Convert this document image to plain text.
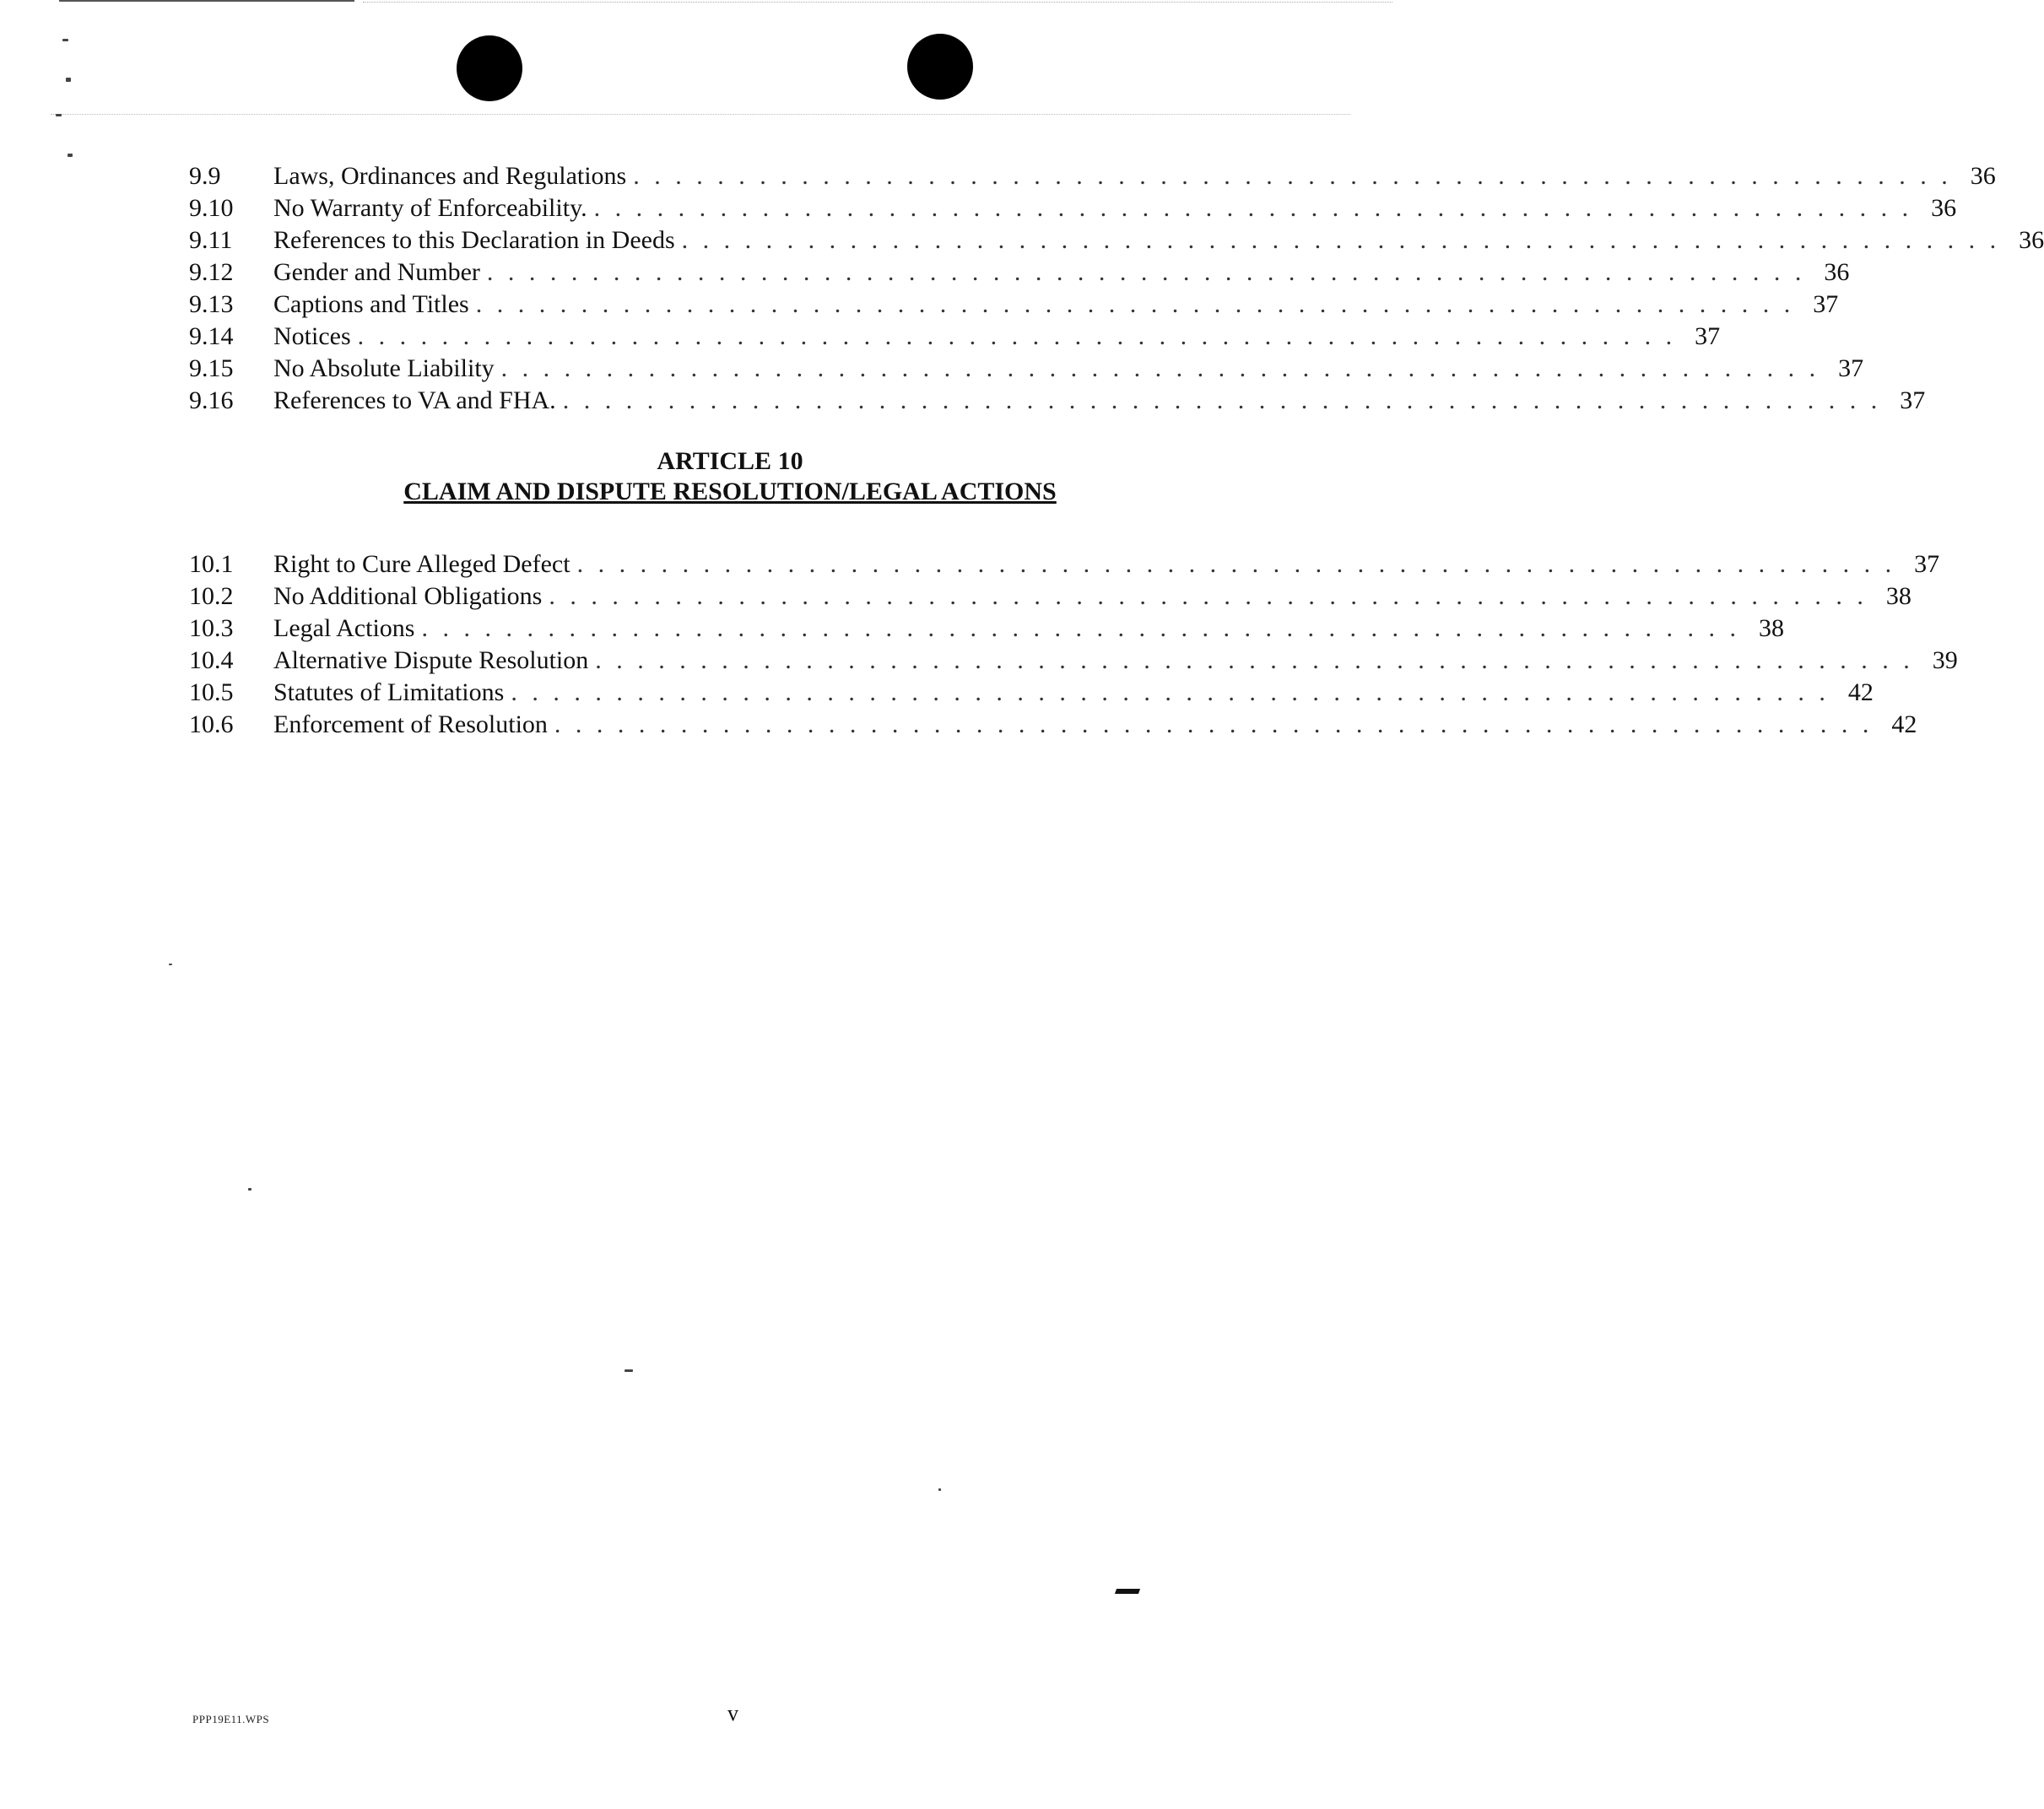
9.9	Laws, Ordinances and Regulations . . . . . . . . . . . . . . . . . . . . . . . . . . . . . . . . . . . . . . . . . . . . . . . . . . . . . . . . . . . . . . . 36
9.10	No Warranty of Enforceability. . . . . . . . . . . . . . . . . . . . . . . . . . . . . . . . . . . . . . . . . . . . . . . . . . . . . . . . . . . . . . . . 36
9.11	References to this Declaration in Deeds . . . . . . . . . . . . . . . . . . . . . . . . . . . . . . . . . . . . . . . . . . . . . . . . . . . . . . . . . . . . . . . 36
9.12	Gender and Number . . . . . . . . . . . . . . . . . . . . . . . . . . . . . . . . . . . . . . . . . . . . . . . . . . . . . . . . . . . . . . . 36
9.13	Captions and Titles . . . . . . . . . . . . . . . . . . . . . . . . . . . . . . . . . . . . . . . . . . . . . . . . . . . . . . . . . . . . . . . 37
9.14	Notices . . . . . . . . . . . . . . . . . . . . . . . . . . . . . . . . . . . . . . . . . . . . . . . . . . . . . . . . . . . . . . . 37
9.15	No Absolute Liability . . . . . . . . . . . . . . . . . . . . . . . . . . . . . . . . . . . . . . . . . . . . . . . . . . . . . . . . . . . . . . . 37
9.16	References to VA and FHA. . . . . . . . . . . . . . . . . . . . . . . . . . . . . . . . . . . . . . . . . . . . . . . . . . . . . . . . . . . . . . . . 37
ARTICLE 10
CLAIM AND DISPUTE RESOLUTION/LEGAL ACTIONS
10.1	Right to Cure Alleged Defect . . . . . . . . . . . . . . . . . . . . . . . . . . . . . . . . . . . . . . . . . . . . . . . . . . . . . . . . . . . . . . . 37
10.2	No Additional Obligations . . . . . . . . . . . . . . . . . . . . . . . . . . . . . . . . . . . . . . . . . . . . . . . . . . . . . . . . . . . . . . . 38
10.3	Legal Actions . . . . . . . . . . . . . . . . . . . . . . . . . . . . . . . . . . . . . . . . . . . . . . . . . . . . . . . . . . . . . . . 38
10.4	Alternative Dispute Resolution . . . . . . . . . . . . . . . . . . . . . . . . . . . . . . . . . . . . . . . . . . . . . . . . . . . . . . . . . . . . . . . 39
10.5	Statutes of Limitations . . . . . . . . . . . . . . . . . . . . . . . . . . . . . . . . . . . . . . . . . . . . . . . . . . . . . . . . . . . . . . . 42
10.6	Enforcement of Resolution . . . . . . . . . . . . . . . . . . . . . . . . . . . . . . . . . . . . . . . . . . . . . . . . . . . . . . . . . . . . . . . 42
PPP19E11.WPS	v
